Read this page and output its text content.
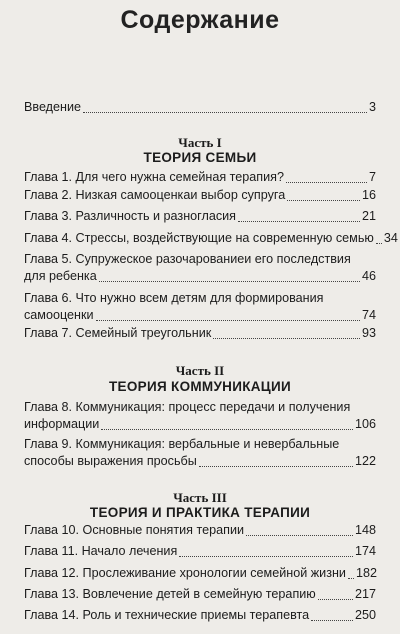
Содержание
Введение	3
Часть I
ТЕОРИЯ СЕМЬИ
Глава 1. Для чего нужна семейная терапия?	7
Глава 2. Низкая самооценкаи выбор супруга	16
Глава 3. Различность и разногласия	21
Глава 4. Стрессы, воздействующие на современную семью 34
Глава 5. Супружеское разочарованиеи его последствия
для ребенка	46
Глава 6. Что нужно всем детям для формирования
самооценки	74
Глава 7. Семейный треугольник	93
Часть II
ТЕОРИЯ КОММУНИКАЦИИ
Глава 8. Коммуникация: процесс передачи и получения
информации	106
Глава 9. Коммуникация: вербальные и невербальные
способы выражения просьбы	122
Часть III
ТЕОРИЯ И ПРАКТИКА ТЕРАПИИ
Глава 10. Основные понятия терапии	148
Глава 11. Начало лечения	174
Глава 12. Прослеживание хронологии семейной жизни 182
Глава 13. Вовлечение детей в семейную терапию	217
Глава 14. Роль и технические приемы терапевта	250
